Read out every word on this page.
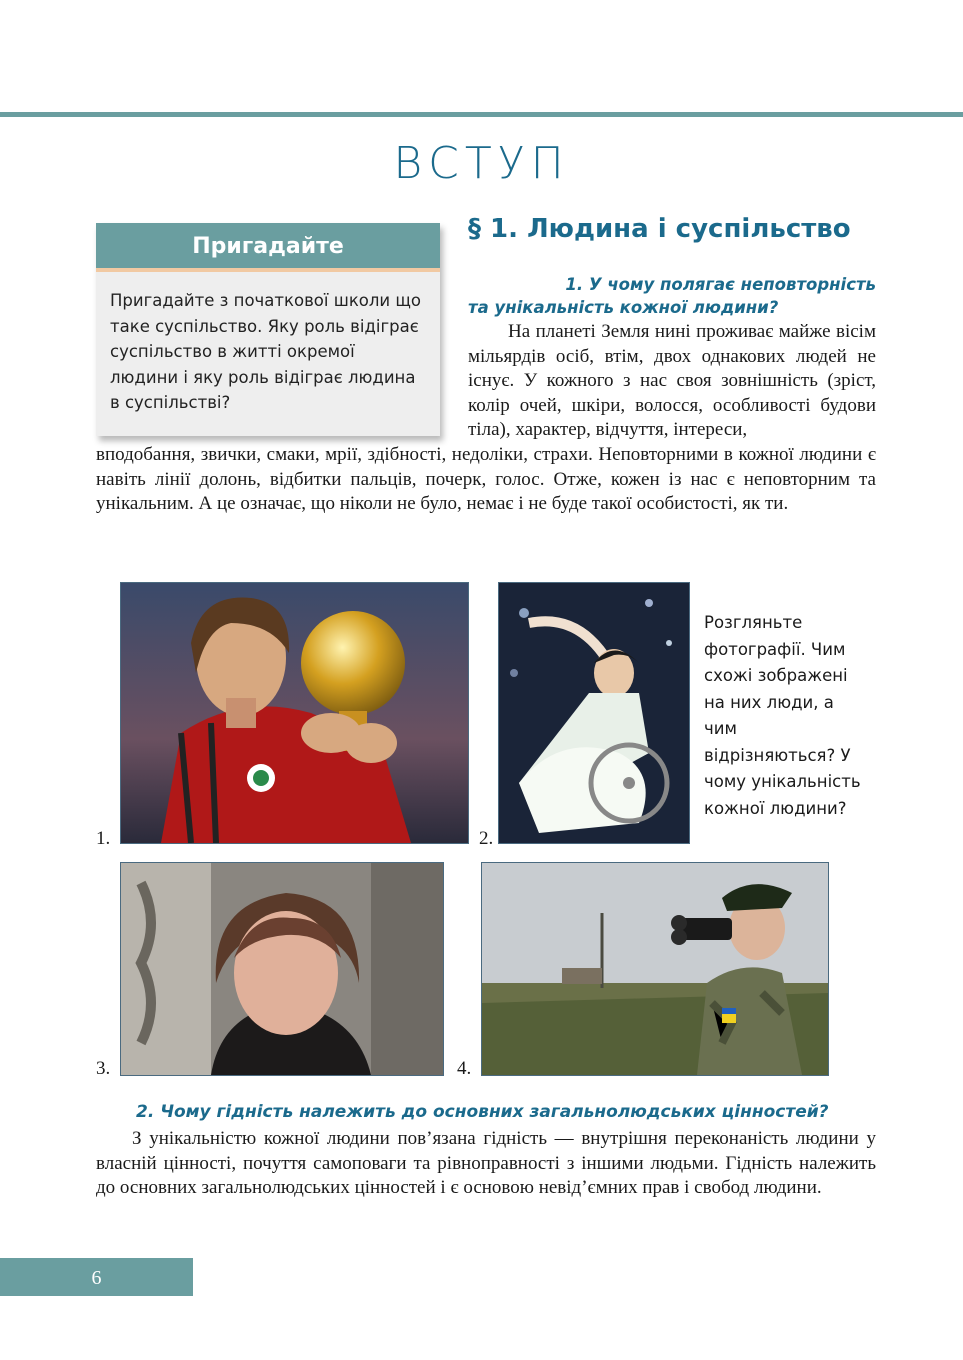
ВСТУП
Пригадайте
Пригадайте з початкової школи що таке суспільство. Яку роль відіграє суспільство в житті окремої людини і яку роль відіграє людина в суспільстві?
§ 1. Людина і суспільство
1. У чому полягає неповторність
та унікальність кожної людини?

На планеті Земля нині проживає майже вісім мільярдів осіб, втім, двох однакових людей не існує. У кожного з нас своя зовнішність (зріст, колір очей, шкіри, волосся, особливості будови тіла), характер, відчуття, інтереси,

вподобання, звички, смаки, мрії, здібності, недоліки, страхи. Неповторними в кожної людини є навіть лінії долонь, відбитки пальців, почерк, голос. Отже, кожен із нас є неповторним та унікальним. А це означає, що ніколи не було, немає і не буде такої особистості, як ти.

1.	2.
Розгляньте фотографії. Чим схожі зображені на них люди, а чим відрізняються? У чому унікальність кожної людини?
3.	4.
2. Чому гідність належить до основних загальнолюдських цінностей?

З унікальністю кожної людини пов’язана гідність — внутрішня переконаність людини у власній цінності, почуття самоповаги та рівноправності з іншими людьми. Гідність належить до основних загальнолюдських цінностей і є основою невід’ємних прав і свобод людини.

6
